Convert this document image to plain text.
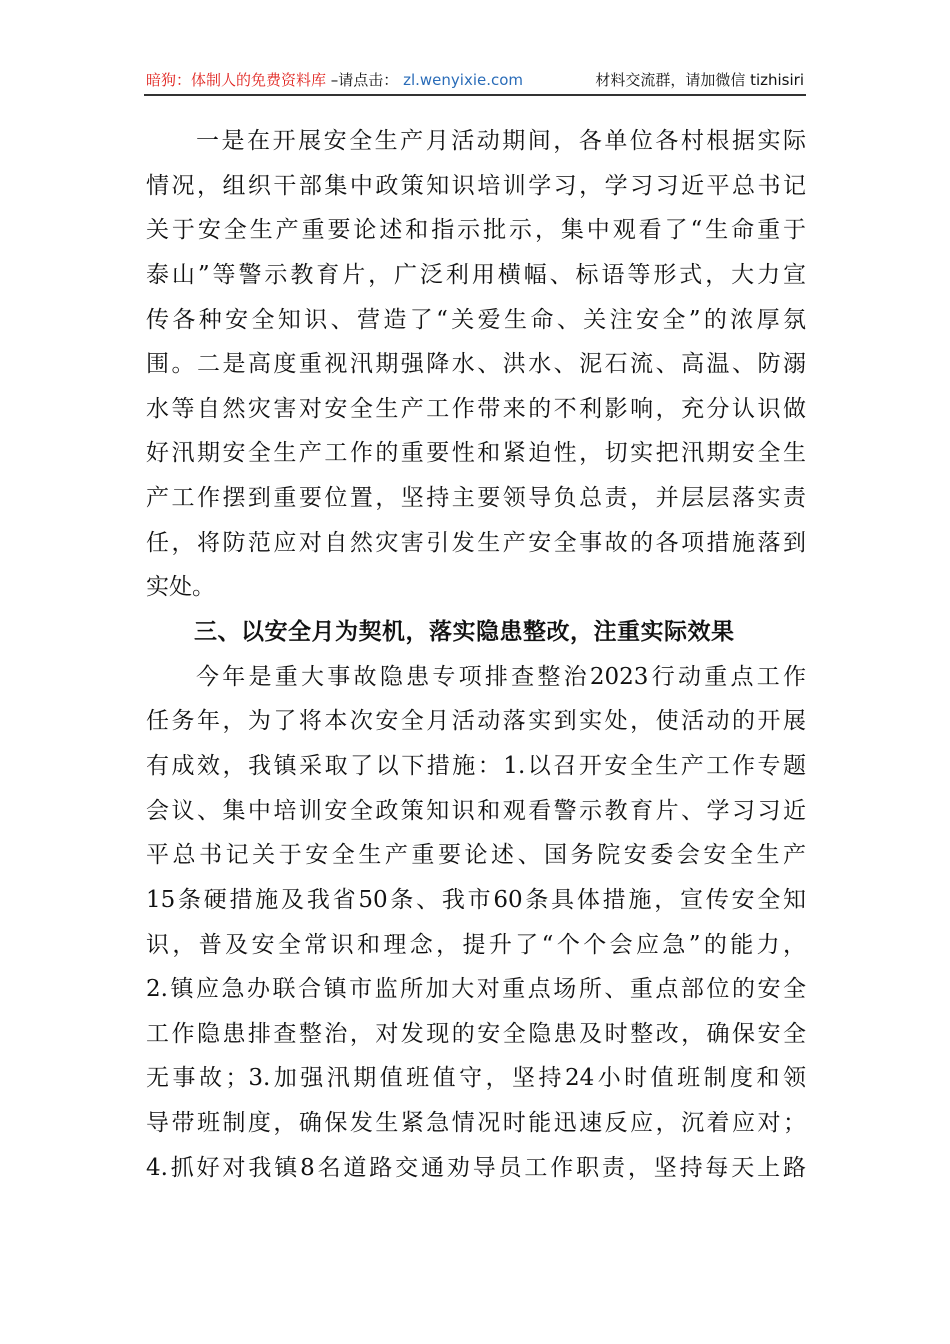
暗狗：体制人的免费资料库 –请点击： zl.wenyixie.com	材料交流群，请加微信 tizhisiri
一是在开展安全生产月活动期间，各单位各村根据实际
情况，组织干部集中政策知识培训学习，学习习近平总书记
关于安全生产重要论述和指示批示，集中观看了“生命重于
泰山”等警示教育片，广泛利用横幅、标语等形式，大力宣
传各种安全知识、营造了“关爱生命、关注安全”的浓厚氛
围。二是高度重视汛期强降水、洪水、泥石流、高温、防溺
水等自然灾害对安全生产工作带来的不利影响，充分认识做
好汛期安全生产工作的重要性和紧迫性，切实把汛期安全生
产工作摆到重要位置，坚持主要领导负总责，并层层落实责
任，将防范应对自然灾害引发生产安全事故的各项措施落到
实处。
三、以安全月为契机，落实隐患整改，注重实际效果
今年是重大事故隐患专项排查整治2023行动重点工作
任务年，为了将本次安全月活动落实到实处，使活动的开展
有成效，我镇采取了以下措施：1.以召开安全生产工作专题
会议、集中培训安全政策知识和观看警示教育片、学习习近
平总书记关于安全生产重要论述、国务院安委会安全生产
15条硬措施及我省50条、我市60条具体措施，宣传安全知
识，普及安全常识和理念，提升了“个个会应急”的能力，
2.镇应急办联合镇市监所加大对重点场所、重点部位的安全
工作隐患排查整治，对发现的安全隐患及时整改，确保安全
无事故；3.加强汛期值班值守，坚持24小时值班制度和领
导带班制度，确保发生紧急情况时能迅速反应，沉着应对；
4.抓好对我镇8名道路交通劝导员工作职责，坚持每天上路
